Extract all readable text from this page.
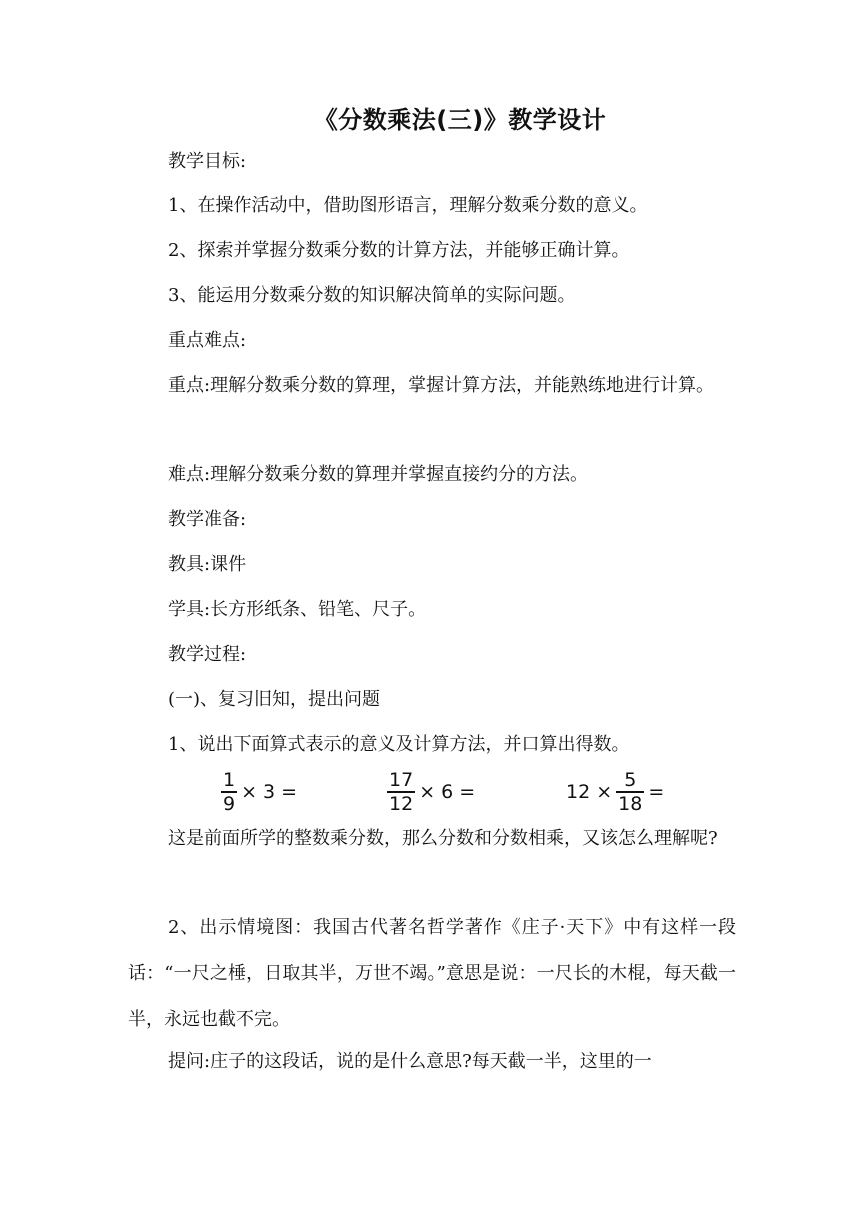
《分数乘法(三)》教学设计
教学目标:
1、在操作活动中，借助图形语言，理解分数乘分数的意义。
2、探索并掌握分数乘分数的计算方法，并能够正确计算。
3、能运用分数乘分数的知识解决简单的实际问题。
重点难点:
重点:理解分数乘分数的算理，掌握计算方法，并能熟练地进行计算。
难点:理解分数乘分数的算理并掌握直接约分的方法。
教学准备:
教具:课件
学具:长方形纸条、铅笔、尺子。
教学过程:
(一)、复习旧知，提出问题
1、说出下面算式表示的意义及计算方法，并口算出得数。
$\frac{1}{9} \times 3$ =	$\frac{17}{12} \times 6$ =	$12 \times \frac{5}{18}$ =
这是前面所学的整数乘分数，那么分数和分数相乘，又该怎么理解呢?
2、出示情境图：我国古代著名哲学著作《庄子·天下》中有这样一段话：“一尺之棰，日取其半，万世不竭。”意思是说：一尺长的木棍，每天截一半，永远也截不完。
提问:庄子的这段话，说的是什么意思?每天截一半，这里的一
